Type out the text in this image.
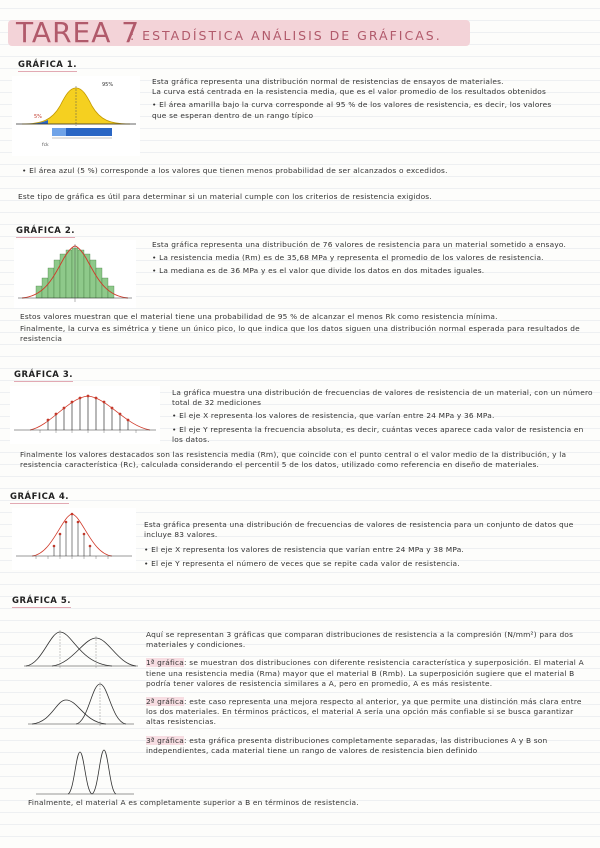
TAREA 7
: ESTADÍSTICA ANÁLISIS DE GRÁFICAS.
GRÁFICA 1.
5%
95%
fck

Esta gráfica representa una distribución normal de resistencias de ensayos de materiales.

La curva está centrada en la resistencia media, que es el valor promedio de los resultados obtenidos

• El área amarilla bajo la curva corresponde al 95 % de los valores de resistencia, es decir, los valores que se esperan dentro de un rango típico

• El área azul (5 %) corresponde a los valores que tienen menos probabilidad de ser alcanzados o excedidos.
Este tipo de gráfica es útil para determinar si un material cumple con los criterios de resistencia exigidos.
GRÁFICA 2.

Esta gráfica representa una distribución de 76 valores de resistencia para un material sometido a ensayo.

• La resistencia media (Rm) es de 35,68 MPa y representa el promedio de los valores de resistencia.

• La mediana es de 36 MPa y es el valor que divide los datos en dos mitades iguales.

Estos valores muestran que el material tiene una probabilidad de 95 % de alcanzar el menos Rk como resistencia mínima.

Finalmente, la curva es simétrica y tiene un único pico, lo que indica que los datos siguen una distribución normal esperada para resultados de resistencia

GRÁFICA 3.

La gráfica muestra una distribución de frecuencias de valores de resistencia de un material, con un número total de 32 mediciones

• El eje X representa los valores de resistencia, que varían entre 24 MPa y 36 MPa.

• El eje Y representa la frecuencia absoluta, es decir, cuántas veces aparece cada valor de resistencia en los datos.

Finalmente los valores destacados son las resistencia media (Rm), que coincide con el punto central o el valor medio de la distribución, y la resistencia característica (Rc), calculada considerando el percentil 5 de los datos, utilizado como referencia en diseño de materiales.
GRÁFICA 4.

Esta gráfica presenta una distribución de frecuencias de valores de resistencia para un conjunto de datos que incluye 83 valores.

• El eje X representa los valores de resistencia que varían entre 24 MPa y 38 MPa.

• El eje Y representa el número de veces que se repite cada valor de resistencia.

GRÁFICA 5.

Aquí se representan 3 gráficas que comparan distribuciones de resistencia a la compresión (N/mm²) para dos materiales y condiciones.

1ª gráfica: se muestran dos distribuciones con diferente resistencia característica y superposición. El material A tiene una resistencia media (Rma) mayor que el material B (Rmb). La superposición sugiere que el material B podría tener valores de resistencia similares a A, pero en promedio, A es más resistente.

2ª gráfica: este caso representa una mejora respecto al anterior, ya que permite una distinción más clara entre los dos materiales. En términos prácticos, el material A sería una opción más confiable si se busca garantizar altas resistencias.

3ª gráfica: esta gráfica presenta distribuciones completamente separadas, las distribuciones A y B son independientes, cada material tiene un rango de valores de resistencia bien definido

Finalmente, el material A es completamente superior a B en términos de resistencia.
